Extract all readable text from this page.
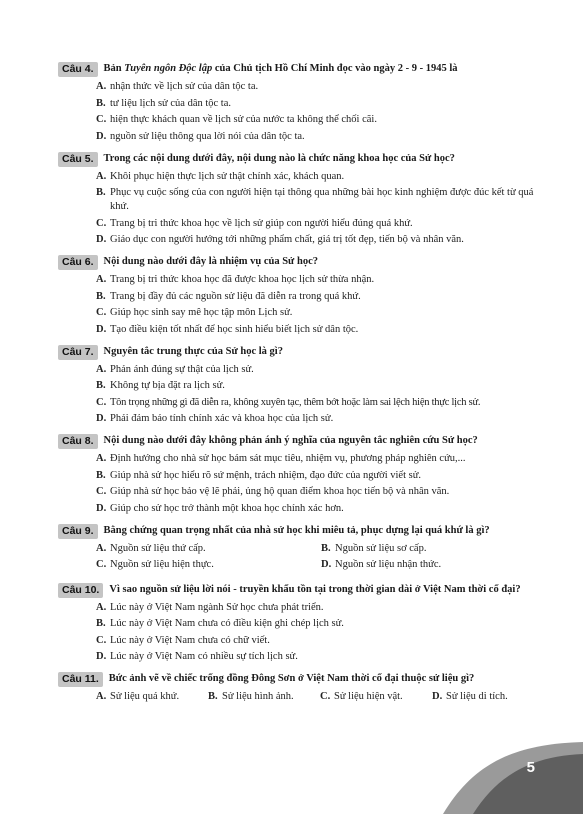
Câu 4. Bản Tuyên ngôn Độc lập của Chủ tịch Hồ Chí Minh đọc vào ngày 2 - 9 - 1945 là
A. nhận thức về lịch sử của dân tộc ta.
B. tư liệu lịch sử của dân tộc ta.
C. hiện thực khách quan về lịch sử của nước ta không thể chối cãi.
D. nguồn sử liệu thông qua lời nói của dân tộc ta.
Câu 5. Trong các nội dung dưới đây, nội dung nào là chức năng khoa học của Sử học?
A. Khôi phục hiện thực lịch sử thật chính xác, khách quan.
B. Phục vụ cuộc sống của con người hiện tại thông qua những bài học kinh nghiệm được đúc kết từ quá khứ.
C. Trang bị tri thức khoa học về lịch sử giúp con người hiểu đúng quá khứ.
D. Giáo dục con người hướng tới những phẩm chất, giá trị tốt đẹp, tiến bộ và nhân văn.
Câu 6. Nội dung nào dưới đây là nhiệm vụ của Sử học?
A. Trang bị tri thức khoa học đã được khoa học lịch sử thừa nhận.
B. Trang bị đầy đủ các nguồn sử liệu đã diễn ra trong quá khứ.
C. Giúp học sinh say mê học tập môn Lịch sử.
D. Tạo điều kiện tốt nhất để học sinh hiểu biết lịch sử dân tộc.
Câu 7. Nguyên tắc trung thực của Sử học là gì?
A. Phản ánh đúng sự thật của lịch sử.
B. Không tự bịa đặt ra lịch sử.
C. Tôn trọng những gì đã diễn ra, không xuyên tạc, thêm bớt hoặc làm sai lệch hiện thực lịch sử.
D. Phải đảm bảo tính chính xác và khoa học của lịch sử.
Câu 8. Nội dung nào dưới đây không phản ánh ý nghĩa của nguyên tắc nghiên cứu Sử học?
A. Định hướng cho nhà sử học bám sát mục tiêu, nhiệm vụ, phương pháp nghiên cứu,...
B. Giúp nhà sử học hiểu rõ sứ mệnh, trách nhiệm, đạo đức của người viết sử.
C. Giúp nhà sử học bảo vệ lẽ phải, ủng hộ quan điểm khoa học tiến bộ và nhân văn.
D. Giúp cho sử học trở thành một khoa học chính xác hơn.
Câu 9. Bằng chứng quan trọng nhất của nhà sử học khi miêu tả, phục dựng lại quá khứ là gì?
A. Nguồn sử liệu thứ cấp.	B. Nguồn sử liệu sơ cấp.
C. Nguồn sử liệu hiện thực.	D. Nguồn sử liệu nhận thức.
Câu 10. Vì sao nguồn sử liệu lời nói - truyền khẩu tồn tại trong thời gian dài ở Việt Nam thời cổ đại?
A. Lúc này ở Việt Nam ngành Sử học chưa phát triển.
B. Lúc này ở Việt Nam chưa có điều kiện ghi chép lịch sử.
C. Lúc này ở Việt Nam chưa có chữ viết.
D. Lúc này ở Việt Nam có nhiều sự tích lịch sử.
Câu 11. Bức ảnh vẽ về chiếc trống đồng Đông Sơn ở Việt Nam thời cổ đại thuộc sử liệu gì?
A. Sử liệu quá khứ.	B. Sử liệu hình ảnh.	C. Sử liệu hiện vật.	D. Sử liệu di tích.
5
